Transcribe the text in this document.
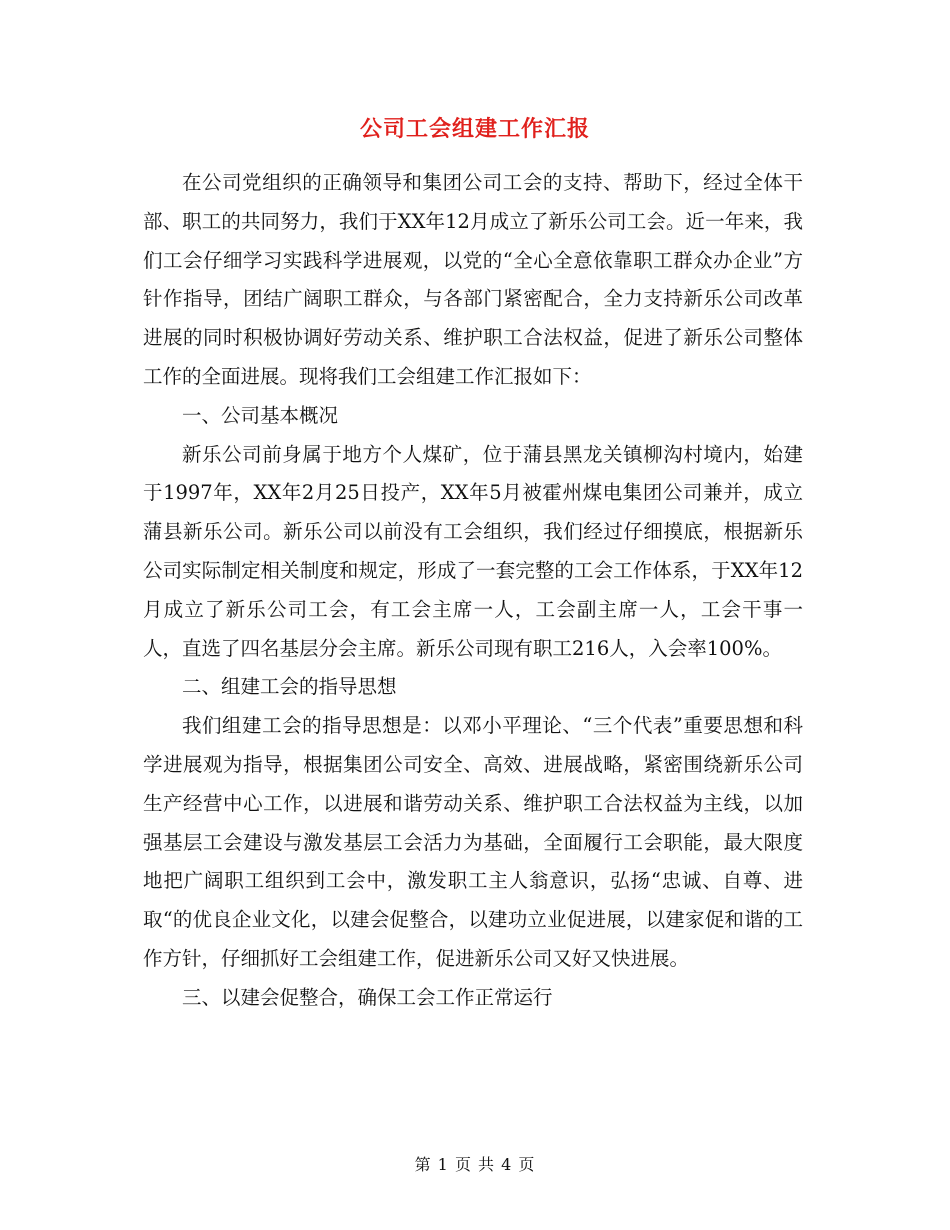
公司工会组建工作汇报

在公司党组织的正确领导和集团公司工会的支持、帮助下，经过全体干部、职工的共同努力，我们于XX年12月成立了新乐公司工会。近一年来，我们工会仔细学习实践科学进展观，以党的“全心全意依靠职工群众办企业”方针作指导，团结广阔职工群众，与各部门紧密配合，全力支持新乐公司改革进展的同时积极协调好劳动关系、维护职工合法权益，促进了新乐公司整体工作的全面进展。现将我们工会组建工作汇报如下：

一、公司基本概况

新乐公司前身属于地方个人煤矿，位于蒲县黑龙关镇柳沟村境内，始建于1997年，XX年2月25日投产，XX年5月被霍州煤电集团公司兼并，成立蒲县新乐公司。新乐公司以前没有工会组织，我们经过仔细摸底，根据新乐公司实际制定相关制度和规定，形成了一套完整的工会工作体系，于XX年12月成立了新乐公司工会，有工会主席一人，工会副主席一人，工会干事一人，直选了四名基层分会主席。新乐公司现有职工216人，入会率100%。

二、组建工会的指导思想

我们组建工会的指导思想是：以邓小平理论、“三个代表”重要思想和科学进展观为指导，根据集团公司安全、高效、进展战略，紧密围绕新乐公司生产经营中心工作，以进展和谐劳动关系、维护职工合法权益为主线，以加强基层工会建设与激发基层工会活力为基础，全面履行工会职能，最大限度地把广阔职工组织到工会中，激发职工主人翁意识，弘扬“忠诚、自尊、进取“的优良企业文化，以建会促整合，以建功立业促进展，以建家促和谐的工作方针，仔细抓好工会组建工作，促进新乐公司又好又快进展。

三、以建会促整合，确保工会工作正常运行

第 1 页 共 4 页
